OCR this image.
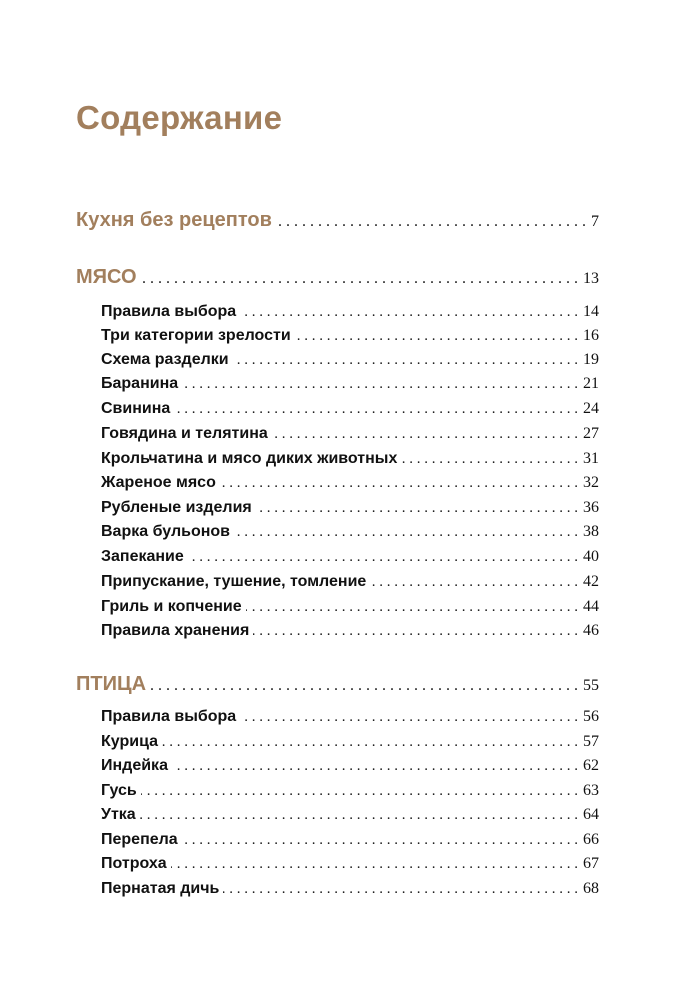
Содержание
Кухня без рецептов . . .	7
МЯСО . . .	13
Правила выбора . . .	14
Три категории зрелости . . .	16
Схема разделки . . .	19
Баранина . . .	21
Свинина . . .	24
Говядина и телятина . . .	27
Крольчатина и мясо диких животных . . .	31
Жареное мясо . . .	32
Рубленые изделия . . .	36
Варка бульонов . . .	38
Запекание . . .	40
Припускание, тушение, томление . . .	42
Гриль и копчение . . .	44
Правила хранения . . .	46
ПТИЦА . . .	55
Правила выбора . . .	56
Курица . . .	57
Индейка . . .	62
Гусь . . .	63
Утка . . .	64
Перепела . . .	66
Потроха . . .	67
Пернатая дичь . . .	68
